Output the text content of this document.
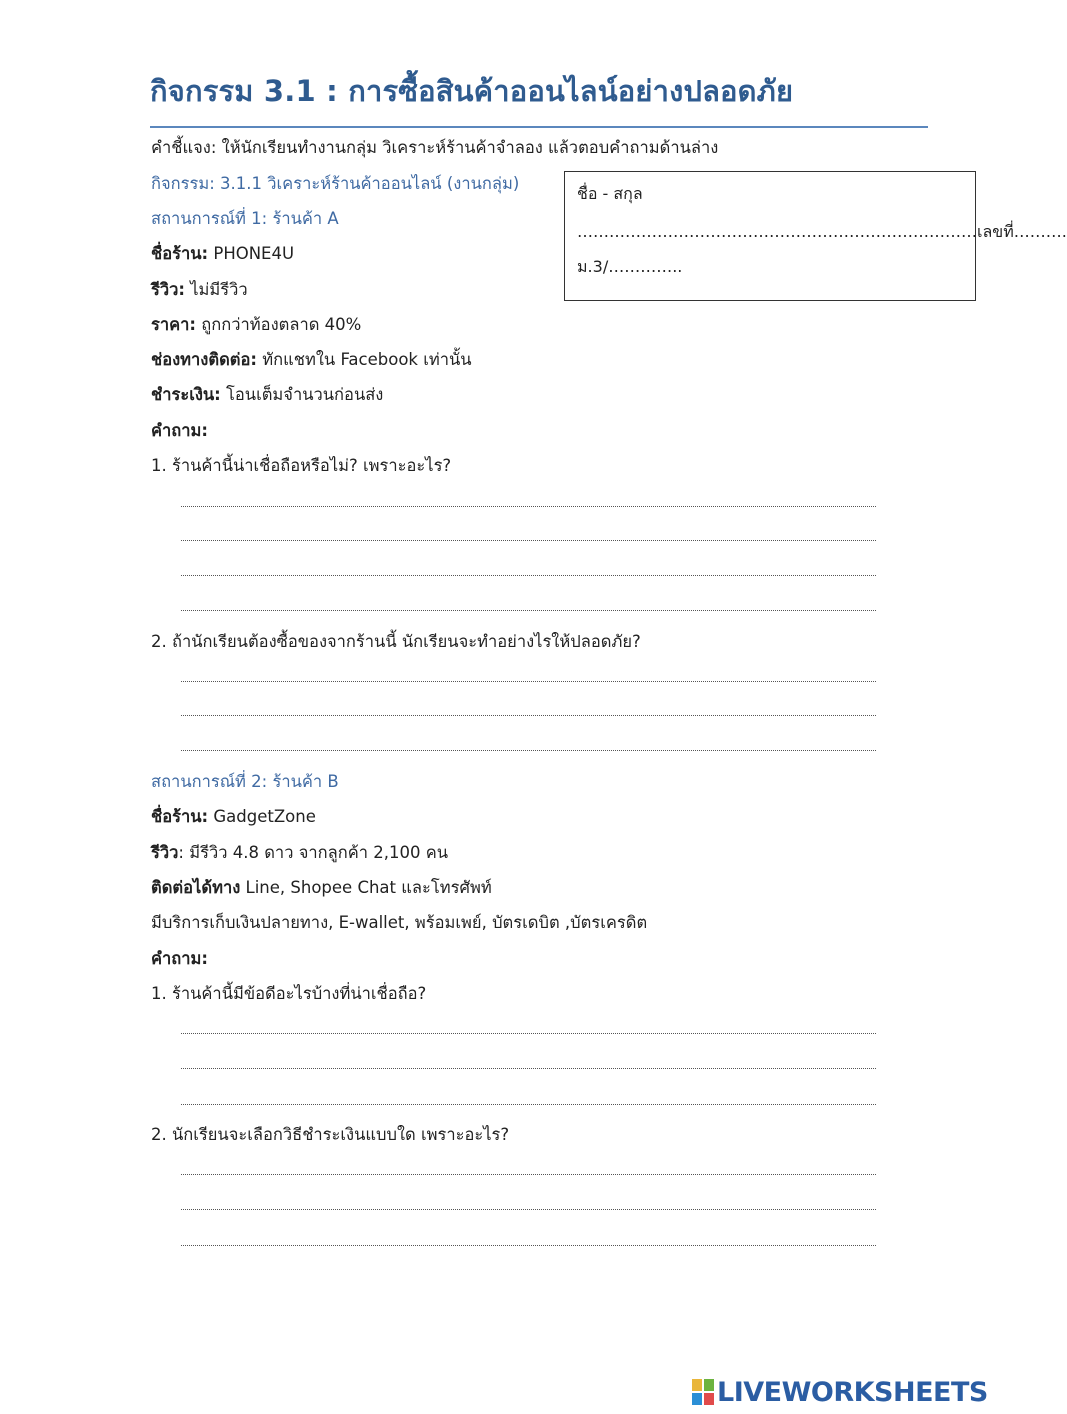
กิจกรรม 3.1 : การซื้อสินค้าออนไลน์อย่างปลอดภัย
คำชี้แจง: ให้นักเรียนทำงานกลุ่ม วิเคราะห์ร้านค้าจำลอง แล้วตอบคำถามด้านล่าง
ชื่อ - สกุล
…………………………………………………………………เลขที่……….
ม.3/…………..
กิจกรรม: 3.1.1 วิเคราะห์ร้านค้าออนไลน์ (งานกลุ่ม)
สถานการณ์ที่ 1: ร้านค้า A
ชื่อร้าน: PHONE4U
รีวิว: ไม่มีรีวิว
ราคา: ถูกกว่าท้องตลาด 40%
ช่องทางติดต่อ: ทักแชทใน Facebook เท่านั้น
ชำระเงิน: โอนเต็มจำนวนก่อนส่ง
คำถาม:
1. ร้านค้านี้น่าเชื่อถือหรือไม่? เพราะอะไร?
2. ถ้านักเรียนต้องซื้อของจากร้านนี้ นักเรียนจะทำอย่างไรให้ปลอดภัย?
สถานการณ์ที่ 2: ร้านค้า B
ชื่อร้าน: GadgetZone
รีวิว: มีรีวิว 4.8 ดาว จากลูกค้า 2,100 คน
ติดต่อได้ทาง Line, Shopee Chat และโทรศัพท์
มีบริการเก็บเงินปลายทาง, E-wallet, พร้อมเพย์, บัตรเดบิต ,บัตรเครดิต
คำถาม:
1. ร้านค้านี้มีข้อดีอะไรบ้างที่น่าเชื่อถือ?
2. นักเรียนจะเลือกวิธีชำระเงินแบบใด เพราะอะไร?
LIVEWORKSHEETS
